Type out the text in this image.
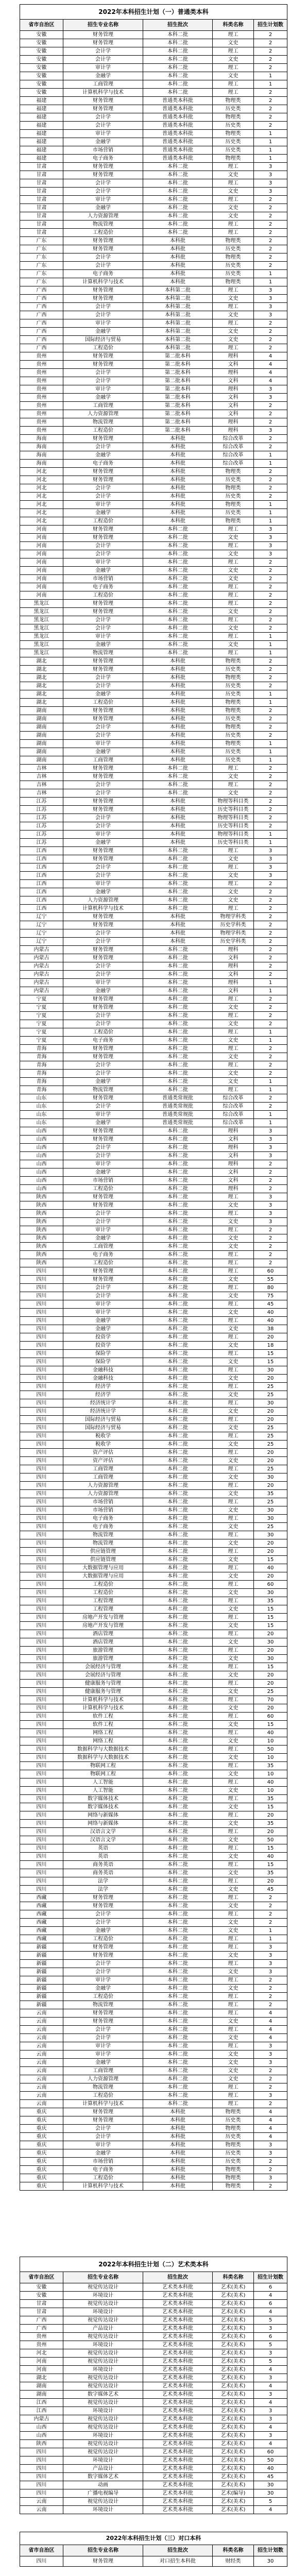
2022年本科招生计划（一）普通类本科
省市自治区	招生专业名称	招生批次	科类名称	招生计划数
安徽	财务管理	本科二批	理工	2
安徽	财务管理	本科二批	文史	2
安徽	会计学	本科二批	理工	2
安徽	会计学	本科二批	文史	2
安徽	审计学	本科二批	理工	2
安徽	金融学	本科二批	文史	1
安徽	工商管理	本科二批	理工	1
安徽	计算机科学与技术	本科二批	理工	2
福建	财务管理	普通类本科批	物理类	2
福建	财务管理	普通类本科批	历史类	2
福建	会计学	普通类本科批	物理类	2
福建	会计学	普通类本科批	历史类	2
福建	审计学	普通类本科批	物理类	1
福建	金融学	普通类本科批	历史类	1
福建	市场营销	普通类本科批	历史类	1
福建	电子商务	普通类本科批	物理类	1
甘肃	财务管理	本科二批	理工	3
甘肃	财务管理	本科二批	文史	3
甘肃	会计学	本科二批	理工	3
甘肃	会计学	本科二批	文史	3
甘肃	审计学	本科二批	理工	2
甘肃	金融学	本科二批	文史	2
甘肃	人力资源管理	本科二批	文史	2
甘肃	物流管理	本科二批	理工	2
甘肃	工程造价	本科二批	理工	2
广东	财务管理	本科批	物理类	2
广东	财务管理	本科批	历史类	2
广东	会计学	本科批	物理类	2
广东	会计学	本科批	历史类	2
广东	电子商务	本科批	历史类	1
广东	计算机科学与技术	本科批	物理类	1
广西	财务管理	本科第二批	理工	3
广西	财务管理	本科第二批	文史	3
广西	会计学	本科第二批	理工	3
广西	会计学	本科第二批	文史	3
广西	审计学	本科第二批	理工	2
广西	金融学	本科第二批	文史	2
广西	国际经济与贸易	本科第二批	文史	2
广西	工程造价	本科第二批	理工	2
贵州	财务管理	第二批本科	理科	4
贵州	财务管理	第二批本科	文科	4
贵州	会计学	第二批本科	理科	4
贵州	会计学	第二批本科	文科	4
贵州	审计学	第二批本科	理科	3
贵州	金融学	第二批本科	文科	3
贵州	工商管理	第二批本科	文科	2
贵州	人力资源管理	第二批本科	文科	2
贵州	物流管理	第二批本科	理科	2
贵州	工程造价	第二批本科	理科	3
海南	财务管理	本科批	综合改革	2
海南	会计学	本科批	综合改革	2
海南	金融学	本科批	综合改革	1
海南	电子商务	本科批	综合改革	1
河北	财务管理	本科批	物理类	2
河北	财务管理	本科批	历史类	2
河北	会计学	本科批	物理类	2
河北	会计学	本科批	历史类	2
河北	审计学	本科批	物理类	1
河北	金融学	本科批	历史类	1
河北	工程造价	本科批	物理类	1
河南	财务管理	本科二批	理工	3
河南	财务管理	本科二批	文史	3
河南	会计学	本科二批	理工	3
河南	会计学	本科二批	文史	3
河南	审计学	本科二批	理工	2
河南	金融学	本科二批	文史	2
河南	市场营销	本科二批	文史	2
河南	电子商务	本科二批	理工	2
河南	工程造价	本科二批	理工	2
黑龙江	财务管理	本科二批	理工	2
黑龙江	财务管理	本科二批	文史	2
黑龙江	会计学	本科二批	理工	2
黑龙江	会计学	本科二批	文史	2
黑龙江	审计学	本科二批	理工	1
黑龙江	金融学	本科二批	文史	1
黑龙江	物流管理	本科二批	理工	1
湖北	财务管理	本科批	物理类	2
湖北	财务管理	本科批	历史类	2
湖北	会计学	本科批	物理类	2
湖北	会计学	本科批	历史类	2
湖北	金融学	本科批	历史类	1
湖北	工程造价	本科批	物理类	1
湖南	财务管理	本科批	物理类	2
湖南	财务管理	本科批	历史类	2
湖南	会计学	本科批	物理类	2
湖南	会计学	本科批	历史类	2
湖南	审计学	本科批	物理类	1
湖南	金融学	本科批	历史类	1
湖南	工商管理	本科批	历史类	1
吉林	财务管理	本科二批	理工	2
吉林	财务管理	本科二批	文史	2
吉林	会计学	本科二批	理工	2
吉林	会计学	本科二批	文史	2
江苏	财务管理	本科批	物理等科目类	2
江苏	财务管理	本科批	历史等科目类	2
江苏	会计学	本科批	物理等科目类	2
江苏	会计学	本科批	历史等科目类	2
江苏	审计学	本科批	物理等科目类	1
江苏	金融学	本科批	历史等科目类	1
江西	财务管理	本科二批	理工	3
江西	财务管理	本科二批	文史	3
江西	会计学	本科二批	理工	3
江西	会计学	本科二批	文史	3
江西	审计学	本科二批	理工	2
江西	金融学	本科二批	文史	2
江西	人力资源管理	本科二批	文史	2
江西	计算机科学与技术	本科二批	理工	2
辽宁	财务管理	本科批	物理学科类	2
辽宁	财务管理	本科批	历史学科类	2
辽宁	会计学	本科批	物理学科类	2
辽宁	会计学	本科批	历史学科类	2
内蒙古	财务管理	本科二批	理科	2
内蒙古	财务管理	本科二批	文科	2
内蒙古	会计学	本科二批	理科	2
内蒙古	会计学	本科二批	文科	2
内蒙古	审计学	本科二批	理科	1
内蒙古	金融学	本科二批	文科	1
宁夏	财务管理	本科二批	理工	2
宁夏	财务管理	本科二批	文史	2
宁夏	会计学	本科二批	理工	2
宁夏	会计学	本科二批	文史	2
宁夏	工程造价	本科二批	理工	1
宁夏	电子商务	本科二批	文史	1
青海	财务管理	本科二批	理工	2
青海	财务管理	本科二批	文史	2
青海	会计学	本科二批	理工	2
青海	会计学	本科二批	文史	2
青海	金融学	本科二批	文史	1
青海	物流管理	本科二批	理工	1
山东	财务管理	普通类常规批	综合改革	2
山东	会计学	普通类常规批	综合改革	2
山东	审计学	普通类常规批	综合改革	1
山东	金融学	普通类常规批	综合改革	1
山西	财务管理	本科二批	理科	3
山西	财务管理	本科二批	文科	3
山西	会计学	本科二批	理科	3
山西	会计学	本科二批	文科	3
山西	审计学	本科二批	理科	2
山西	金融学	本科二批	文科	2
山西	市场营销	本科二批	文科	2
山西	工程造价	本科二批	理科	2
陕西	财务管理	本科二批	理工	3
陕西	财务管理	本科二批	文史	3
陕西	会计学	本科二批	理工	3
陕西	会计学	本科二批	文史	3
陕西	审计学	本科二批	理工	2
陕西	金融学	本科二批	文史	2
陕西	工商管理	本科二批	文史	2
陕西	电子商务	本科二批	理工	2
陕西	工程造价	本科二批	理工	2
四川	财务管理	本科二批	理工	60
四川	财务管理	本科二批	文史	55
四川	会计学	本科二批	理工	80
四川	会计学	本科二批	文史	75
四川	审计学	本科二批	理工	45
四川	审计学	本科二批	文史	40
四川	金融学	本科二批	理工	40
四川	金融学	本科二批	文史	38
四川	投资学	本科二批	理工	20
四川	投资学	本科二批	文史	18
四川	保险学	本科二批	理工	15
四川	保险学	本科二批	文史	15
四川	金融科技	本科二批	理工	30
四川	金融科技	本科二批	文史	20
四川	经济学	本科二批	理工	25
四川	经济学	本科二批	文史	25
四川	经济统计学	本科二批	理工	30
四川	经济统计学	本科二批	文史	20
四川	国际经济与贸易	本科二批	理工	20
四川	国际经济与贸易	本科二批	文史	25
四川	税收学	本科二批	理工	25
四川	税收学	本科二批	文史	25
四川	资产评估	本科二批	理工	20
四川	资产评估	本科二批	文史	20
四川	工商管理	本科二批	理工	25
四川	工商管理	本科二批	文史	30
四川	人力资源管理	本科二批	理工	20
四川	人力资源管理	本科二批	文史	35
四川	市场营销	本科二批	理工	25
四川	市场营销	本科二批	文史	30
四川	电子商务	本科二批	理工	30
四川	电子商务	本科二批	文史	25
四川	物流管理	本科二批	理工	30
四川	物流管理	本科二批	文史	20
四川	供应链管理	本科二批	理工	20
四川	供应链管理	本科二批	文史	15
四川	大数据管理与应用	本科二批	理工	40
四川	大数据管理与应用	本科二批	文史	20
四川	工程造价	本科二批	理工	60
四川	工程造价	本科二批	文史	30
四川	工程管理	本科二批	理工	35
四川	工程管理	本科二批	文史	15
四川	房地产开发与管理	本科二批	理工	15
四川	房地产开发与管理	本科二批	文史	15
四川	酒店管理	本科二批	理工	20
四川	酒店管理	本科二批	文史	30
四川	旅游管理	本科二批	理工	20
四川	旅游管理	本科二批	文史	30
四川	会展经济与管理	本科二批	理工	15
四川	会展经济与管理	本科二批	文史	20
四川	健康服务与管理	本科二批	理工	20
四川	健康服务与管理	本科二批	文史	25
四川	计算机科学与技术	本科二批	理工	70
四川	计算机科学与技术	本科二批	文史	20
四川	软件工程	本科二批	理工	60
四川	软件工程	本科二批	文史	15
四川	网络工程	本科二批	理工	40
四川	网络工程	本科二批	文史	10
四川	数据科学与大数据技术	本科二批	理工	50
四川	数据科学与大数据技术	本科二批	文史	10
四川	物联网工程	本科二批	理工	35
四川	物联网工程	本科二批	文史	10
四川	人工智能	本科二批	理工	40
四川	人工智能	本科二批	文史	10
四川	数字媒体技术	本科二批	理工	35
四川	数字媒体技术	本科二批	文史	15
四川	网络与新媒体	本科二批	理工	20
四川	网络与新媒体	本科二批	文史	35
四川	汉语言文学	本科二批	理工	20
四川	汉语言文学	本科二批	文史	50
四川	英语	本科二批	理工	15
四川	英语	本科二批	文史	40
四川	商务英语	本科二批	理工	15
四川	商务英语	本科二批	文史	35
四川	法学	本科二批	理工	20
四川	法学	本科二批	文史	45
西藏	财务管理	本科二批	理工	2
西藏	财务管理	本科二批	文史	2
西藏	会计学	本科二批	理工	2
西藏	会计学	本科二批	文史	2
西藏	金融学	本科二批	文史	1
西藏	工程造价	本科二批	理工	1
新疆	财务管理	本科二批	理工	3
新疆	财务管理	本科二批	文史	3
新疆	会计学	本科二批	理工	3
新疆	会计学	本科二批	文史	3
新疆	审计学	本科二批	理工	2
新疆	金融学	本科二批	文史	2
新疆	工程造价	本科二批	理工	2
新疆	物流管理	本科二批	理工	2
云南	财务管理	本科二批	理工	4
云南	财务管理	本科二批	文史	4
云南	会计学	本科二批	理工	4
云南	会计学	本科二批	文史	4
云南	审计学	本科二批	理工	3
云南	审计学	本科二批	文史	3
云南	金融学	本科二批	文史	3
云南	工商管理	本科二批	文史	2
云南	人力资源管理	本科二批	文史	2
云南	物流管理	本科二批	理工	2
云南	工程造价	本科二批	理工	3
云南	计算机科学与技术	本科二批	理工	2
重庆	财务管理	本科批	物理类	4
重庆	财务管理	本科批	历史类	4
重庆	会计学	本科批	物理类	4
重庆	会计学	本科批	历史类	4
重庆	审计学	本科批	物理类	3
重庆	金融学	本科批	历史类	3
重庆	市场营销	本科批	历史类	2
重庆	电子商务	本科批	物理类	2
重庆	工程造价	本科批	物理类	3
重庆	计算机科学与技术	本科批	物理类	2
2022年本科招生计划（二）艺术类本科
省市自治区	招生专业名称	招生批次	科类名称	招生计划数
安徽	视觉传达设计	艺术类本科批	艺术(美术)	6
安徽	环境设计	艺术类本科批	艺术(美术)	4
甘肃	视觉传达设计	艺术类本科批	艺术(美术)	6
甘肃	环境设计	艺术类本科批	艺术(美术)	4
广西	视觉传达设计	艺术类本科批	艺术(美术)	5
广西	产品设计	艺术类本科批	艺术(美术)	3
贵州	视觉传达设计	艺术类本科批	艺术(美术)	6
贵州	环境设计	艺术类本科批	艺术(美术)	5
河北	视觉传达设计	艺术类本科批	艺术(美术)	3
河南	视觉传达设计	艺术类本科批	艺术(美术)	5
河南	环境设计	艺术类本科批	艺术(美术)	4
湖北	视觉传达设计	艺术类本科批	艺术(美术)	3
湖南	视觉传达设计	艺术类本科批	艺术(美术)	4
湖南	数字媒体艺术	艺术类本科批	艺术(美术)	3
江西	视觉传达设计	艺术类本科批	艺术(美术)	4
江西	环境设计	艺术类本科批	艺术(美术)	3
内蒙古	视觉传达设计	艺术类本科批	艺术(美术)	3
山西	视觉传达设计	艺术类本科批	艺术(美术)	4
山西	环境设计	艺术类本科批	艺术(美术)	3
陕西	视觉传达设计	艺术类本科批	艺术(美术)	4
四川	视觉传达设计	艺术类本科批	艺术(美术)	60
四川	环境设计	艺术类本科批	艺术(美术)	50
四川	产品设计	艺术类本科批	艺术(美术)	40
四川	数字媒体艺术	艺术类本科批	艺术(美术)	45
四川	动画	艺术类本科批	艺术(美术)	30
四川	广播电视编导	艺术类本科批	艺术(编导)	30
云南	视觉传达设计	艺术类本科批	艺术(美术)	5
云南	环境设计	艺术类本科批	艺术(美术)	4
2022年本科招生计划（三）对口本科
省市自治区	招生专业名称	招生批次	科类名称	招生计划数
四川	财务管理	对口招生本科批	财经类	30
